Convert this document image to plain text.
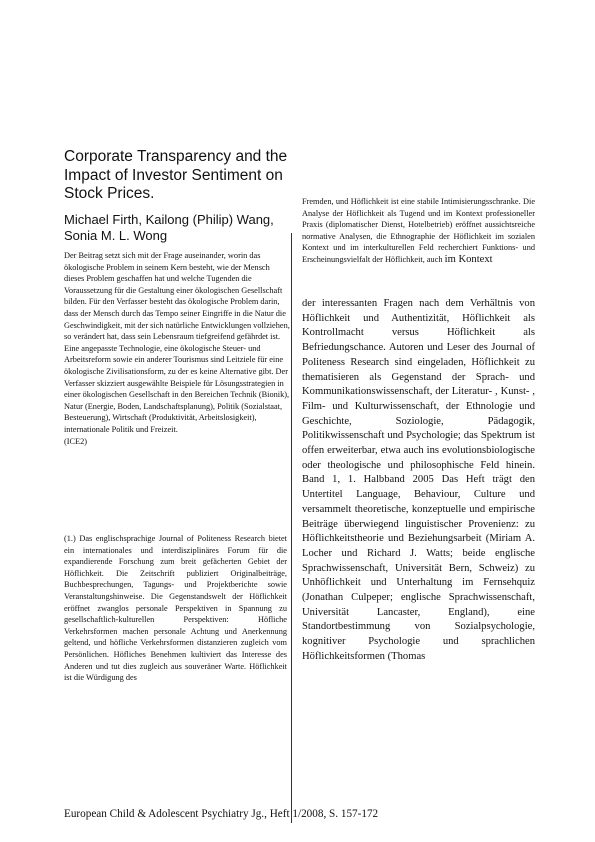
Corporate Transparency and the Impact of Investor Sentiment on Stock Prices.
Michael Firth, Kailong (Philip) Wang, Sonia M. L. Wong

Der Beitrag setzt sich mit der Frage auseinander, worin das ökologische Problem in seinem Kern besteht, wie der Mensch dieses Problem geschaffen hat und welche Tugenden die Voraussetzung für die Gestaltung einer ökologischen Gesellschaft bilden. Für den Verfasser besteht das ökologische Problem darin, dass der Mensch durch das Tempo seiner Eingriffe in die Natur die Geschwindigkeit, mit der sich natürliche Entwicklungen vollziehen, so verändert hat, dass sein Lebensraum tiefgreifend gefährdet ist. Eine angepasste Technologie, eine ökologische Steuer- und Arbeitsreform sowie ein anderer Tourismus sind Leitziele für eine ökologische Zivilisationsform, zu der es keine Alternative gibt. Der Verfasser skizziert ausgewählte Beispiele für Lösungsstrategien in einer ökologischen Gesellschaft in den Bereichen Technik (Bionik), Natur (Energie, Boden, Landschaftsplanung), Politik (Sozialstaat, Besteuerung), Wirtschaft (Produktivität, Arbeitslosigkeit), internationale Politik und Freizeit.

(ICE2)

(1.) Das englischsprachige Journal of Politeness Research bietet ein internationales und interdisziplinäres Forum für die expandierende Forschung zum breit gefächerten Gebiet der Höflichkeit. Die Zeitschrift publiziert Originalbeiträge, Buchbesprechungen, Tagungs- und Projektberichte sowie Veranstaltungshinweise. Die Gegenstandswelt der Höflichkeit eröffnet zwanglos personale Perspektiven in Spannung zu gesellschaftlich-kulturellen Perspektiven: Höfliche Verkehrsformen machen personale Achtung und Anerkennung geltend, und höfliche Verkehrsformen distanzieren zugleich vom Persönlichen. Höfliches Benehmen kultiviert das Interesse des Anderen und tut dies zugleich aus souveräner Warte. Höflichkeit ist die Würdigung des

Fremden, und Höflichkeit ist eine stabile Intimisierungsschranke. Die Analyse der Höflichkeit als Tugend und im Kontext professioneller Praxis (diplomatischer Dienst, Hotelbetrieb) eröffnet aussichtsreiche normative Analysen, die Ethnographie der Höflichkeit im sozialen Kontext und im interkulturellen Feld recherchiert Funktions- und Erscheinungsvielfalt der Höflichkeit, auch im Kontext

der interessanten Fragen nach dem Verhältnis von Höflichkeit und Authentizität, Höflichkeit als Kontrollmacht versus Höflichkeit als Befriedungschance. Autoren und Leser des Journal of Politeness Research sind eingeladen, Höflichkeit zu thematisieren als Gegenstand der Sprach- und Kommunikationswissenschaft, der Literatur- , Kunst- , Film- und Kulturwissenschaft, der Ethnologie und Geschichte, Soziologie, Pädagogik, Politikwissenschaft und Psychologie; das Spektrum ist offen erweiterbar, etwa auch ins evolutionsbiologische oder theologische und philosophische Feld hinein. Band 1, 1. Halbband 2005 Das Heft trägt den Untertitel Language, Behaviour, Culture und versammelt theoretische, konzeptuelle und empirische Beiträge überwiegend linguistischer Provenienz: zu Höflichkeitstheorie und Beziehungsarbeit (Miriam A. Locher und Richard J. Watts; beide englische Sprachwissenschaft, Universität Bern, Schweiz) zu Unhöflichkeit und Unterhaltung im Fernsehquiz (Jonathan Culpeper; englische Sprachwissenschaft, Universität Lancaster, England), eine Standortbestimmung von Sozialpsychologie, kognitiver Psychologie und sprachlichen Höflichkeitsformen (Thomas

European Child & Adolescent Psychiatry Jg., Heft 1/2008, S. 157-172
